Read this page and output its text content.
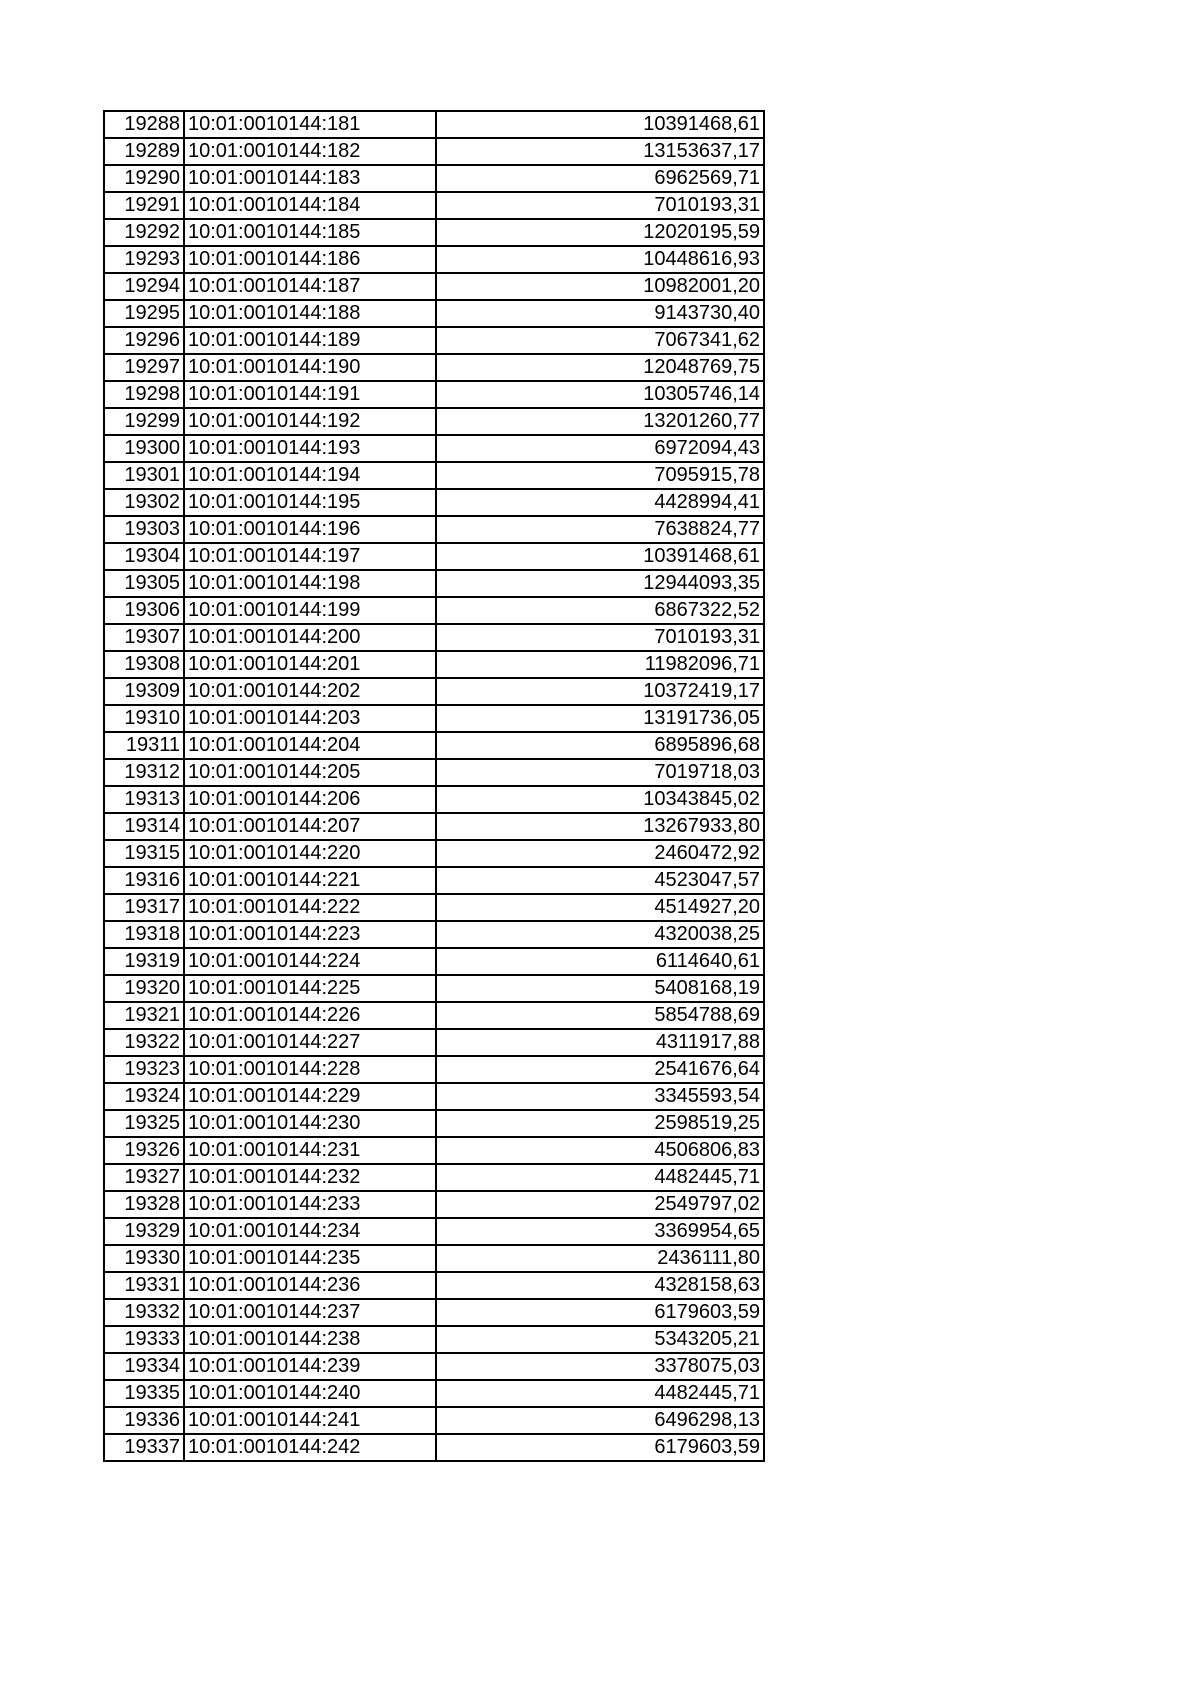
19288	10:01:0010144:181	10391468,61
19289	10:01:0010144:182	13153637,17
19290	10:01:0010144:183	6962569,71
19291	10:01:0010144:184	7010193,31
19292	10:01:0010144:185	12020195,59
19293	10:01:0010144:186	10448616,93
19294	10:01:0010144:187	10982001,20
19295	10:01:0010144:188	9143730,40
19296	10:01:0010144:189	7067341,62
19297	10:01:0010144:190	12048769,75
19298	10:01:0010144:191	10305746,14
19299	10:01:0010144:192	13201260,77
19300	10:01:0010144:193	6972094,43
19301	10:01:0010144:194	7095915,78
19302	10:01:0010144:195	4428994,41
19303	10:01:0010144:196	7638824,77
19304	10:01:0010144:197	10391468,61
19305	10:01:0010144:198	12944093,35
19306	10:01:0010144:199	6867322,52
19307	10:01:0010144:200	7010193,31
19308	10:01:0010144:201	11982096,71
19309	10:01:0010144:202	10372419,17
19310	10:01:0010144:203	13191736,05
19311	10:01:0010144:204	6895896,68
19312	10:01:0010144:205	7019718,03
19313	10:01:0010144:206	10343845,02
19314	10:01:0010144:207	13267933,80
19315	10:01:0010144:220	2460472,92
19316	10:01:0010144:221	4523047,57
19317	10:01:0010144:222	4514927,20
19318	10:01:0010144:223	4320038,25
19319	10:01:0010144:224	6114640,61
19320	10:01:0010144:225	5408168,19
19321	10:01:0010144:226	5854788,69
19322	10:01:0010144:227	4311917,88
19323	10:01:0010144:228	2541676,64
19324	10:01:0010144:229	3345593,54
19325	10:01:0010144:230	2598519,25
19326	10:01:0010144:231	4506806,83
19327	10:01:0010144:232	4482445,71
19328	10:01:0010144:233	2549797,02
19329	10:01:0010144:234	3369954,65
19330	10:01:0010144:235	2436111,80
19331	10:01:0010144:236	4328158,63
19332	10:01:0010144:237	6179603,59
19333	10:01:0010144:238	5343205,21
19334	10:01:0010144:239	3378075,03
19335	10:01:0010144:240	4482445,71
19336	10:01:0010144:241	6496298,13
19337	10:01:0010144:242	6179603,59
